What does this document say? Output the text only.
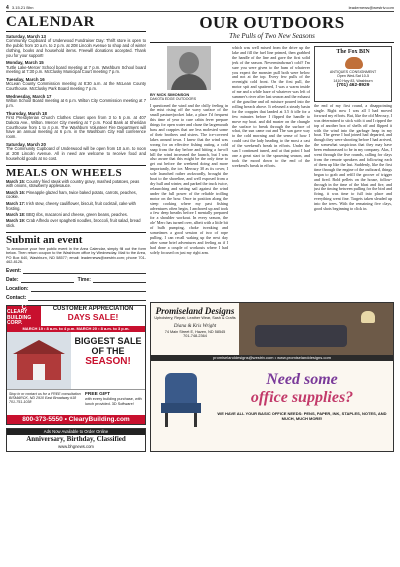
4 3.15.21 Bhn	leadernews@westriv.com
CALENDAR
Saturday, March 13
Community Cupboard of Underwood Fundraiser Day: Thrift store is open to the public from 10 a.m. to 2 p.m. at 208 Lincoln Avenue to shop and of winter clothing, books and household items. Freewill donations accepted. Thank you for your support!
Monday, March 15
Turtle Lake-Mercer School board meeting at 7 p.m. Washburn School board meeting at 7:30 p.m. McClusky Municipal Court meeting 7 p.m.
Tuesday, March 16
McLean County Commission meeting at 8:30 a.m. at the McLean County Courthouse. McClusky Park Board meeting 7 p.m.
Wednesday, March 17
Wilton School Board meeting at 6 p.m. Wilton City Commission meeting at 7 p.m.
Thursday, March 18
First Presbyterian Church Clothes Closet open from 3 to 5 p.m. at 407 Dakota Ave., Wilton. Mercer City meeting at 7 p.m. Food Bank at Sheridan Courthouse from 1 to 4 p.m. The Washburn Volunteer Fire Department will have an annual meeting at 6 p.m. in the Washburn City Hall conference room.
Saturday, March 20
The Community Cupboard of Underwood will be open from 10 a.m. to noon at 208 Lincoln Avenue. All in need are welcome to receive food and household goods at no cost.
MEALS ON WHEELS
March 15: Country fried steak with country gravy, mashed potatoes, peas with onions, strawberry applesauce.
March 16: Pineapple glazed ham, twice baked potato, carrots, peaches, cookie.
March 17: Irish stew, cheesy cauliflower, biscuit, fruit cocktail, cake with frosting.
March 18: BBQ ribs, macaroni and cheese, green beans, peaches.
March 19: Crab Alfredo over spaghetti noodles, broccoli, fruit salad, bread stick.
Submit an event
To announce your free public event in the Area Calendar, simply fill out the form below. Then return coupon to the Washburn office by Wednesday. Mail to the Area, PO Box 640, Washburn, ND 58577; email: leadernews@westriv.com; phone 701-462-8126.
Event:
Date:	Time:
Location:
Contact:
C
CLEARY BUILDING CORP.
CUSTOMER APPRECIATION
DAYS SALE!
MARCH 19 • 8 a.m. to 4 p.m. MARCH 20 • 8 a.m. to 3 p.m.
BIGGEST SALE
OF THE
SEASON!
Stop in or contact us for a FREE consultation
BISMARCK, ND 2910 East Broadway #18 701-751-1038
FREE GIFT
with every building purchase, with lunch provided. 3D Software!
800-373-5550 • ClearyBuilding.com
Ads Now Available to Order Online
Anniversary, Birthday, Classified
www.bhgnews.com
OUR OUTDOORS
The Pulls of Two New Seasons
BY NICK SIMONSON
DAKOTA EDGE OUTDOORS
I questioned the wind and the chilly feeling in the mist rising off the wavy surface of the small pasture/pocket lake, a place I'd frequent this time of year to cure cabin fever prepare things for open water and chase the largemouth bass and crappies that are less molested some of their brothers and sisters. The ice-covered lakes around town. I knew that the wind was wrong for an effective fishing outing, a cold snap from the day before and hitting a far-off hill the wind increased the launch, but I was also aware that this might be the only time to get out before the weekend doing and more importantly, the ice. Mercury 30 as its cover, I sole launched rather awkwardly, brought the boat to the shoreline, and well exposed from a dry hull and winter, and parked the truck twice, relaunching and setting sail against the wind under the full power of the reliable trolling motor on the bow. Once in position along the steep cooking where my past fishing adventures often begin, I anchored up and took a few deep breaths before I mentally prepared for a shoulder workout. In every season, the ole' Merc has turned over, albeit with a little bit of bulb pumping, choke tweaking and sometimes a good session of two of rope pulling. I can recall waking up the next day after some brief adventures and feeling as if I had done a couple of workouts where I had solely focused on just my right arm.
which was well mixed from the drive up the lake and fill the fuel line primed, then grabbed the handle of the line and gave the first solid jerk of the season. Nevermindwasn't cold? I'm sure you were given to the hum of whatever you expect the monster pull both were below and not at the top. Every few pulls of the overnight cold front. On the first pull, the motor spit and sputtered, I was a warm inside of me and a while haze of whatever was left of summer's river after last season and the exhaust of the gasoline and oil mixture poured into the rolling breach above. It released a steady basin for the crappies that landed at 3.5 ft idle for a few minutes before I flipped the handle to move my boat. and did master on the chungle the surface to break through the surface of what, the sun came out and The sun gave way to the cold morning and the sense of how I could cast the lady heading to the most a cast of the weekend's break in efforts. Under the sun I continued tuned, and at that point I had one a great start to the spawning season, and took the mood down to the end of the weekend's break in efforts.
The Fox BIN
ANTIQUES CONSIGNMENT
Open Wed-Sat 10-5
1410 Hwy 83, Washburn
(701) 462-8929
the end of my first round, a disappointing single. Right now I was all I had moved forward my efforts. But, like the old Mercury, I was determined to stick with it and I ripped the top of another box of shells off and flipped it with the wind into the garbage heap in my boat. The geese I had joined had departed, and though they were shooting before I had arrived, the somewhat suspicious that they may have been embarrassed to be in my company. Alas, I went through the five rounds, calling for clays from the remote speakers and following each of them up like the last. Suddenly, like the first time through the engine of the outboard, things began to grab and refill the groove of trigger and fired. Bold pellets on the house, follow-through in the time of the blast and fire, and just the timing between pulling for the bird and firing, it was time to full into place and everything went fine. Targets taken sleaded up into the trees. With the remaining five clays, good shots beginning to click in.
Promiseland Designs
Upholstery, Repair, Leather Wear, Sash & Crafts
Diana & Kris Wright
74 Main Street E, Hazen, ND 58545
701-748-2364
promiselanddesigns@westriv.com • www.promiselanddesigns.com
Need some
office supplies?
WE HAVE ALL YOUR BASIC OFFICE NEEDS: PENS, PAPER, INK, STAPLES, NOTES, AND MUCH, MUCH MORE!
